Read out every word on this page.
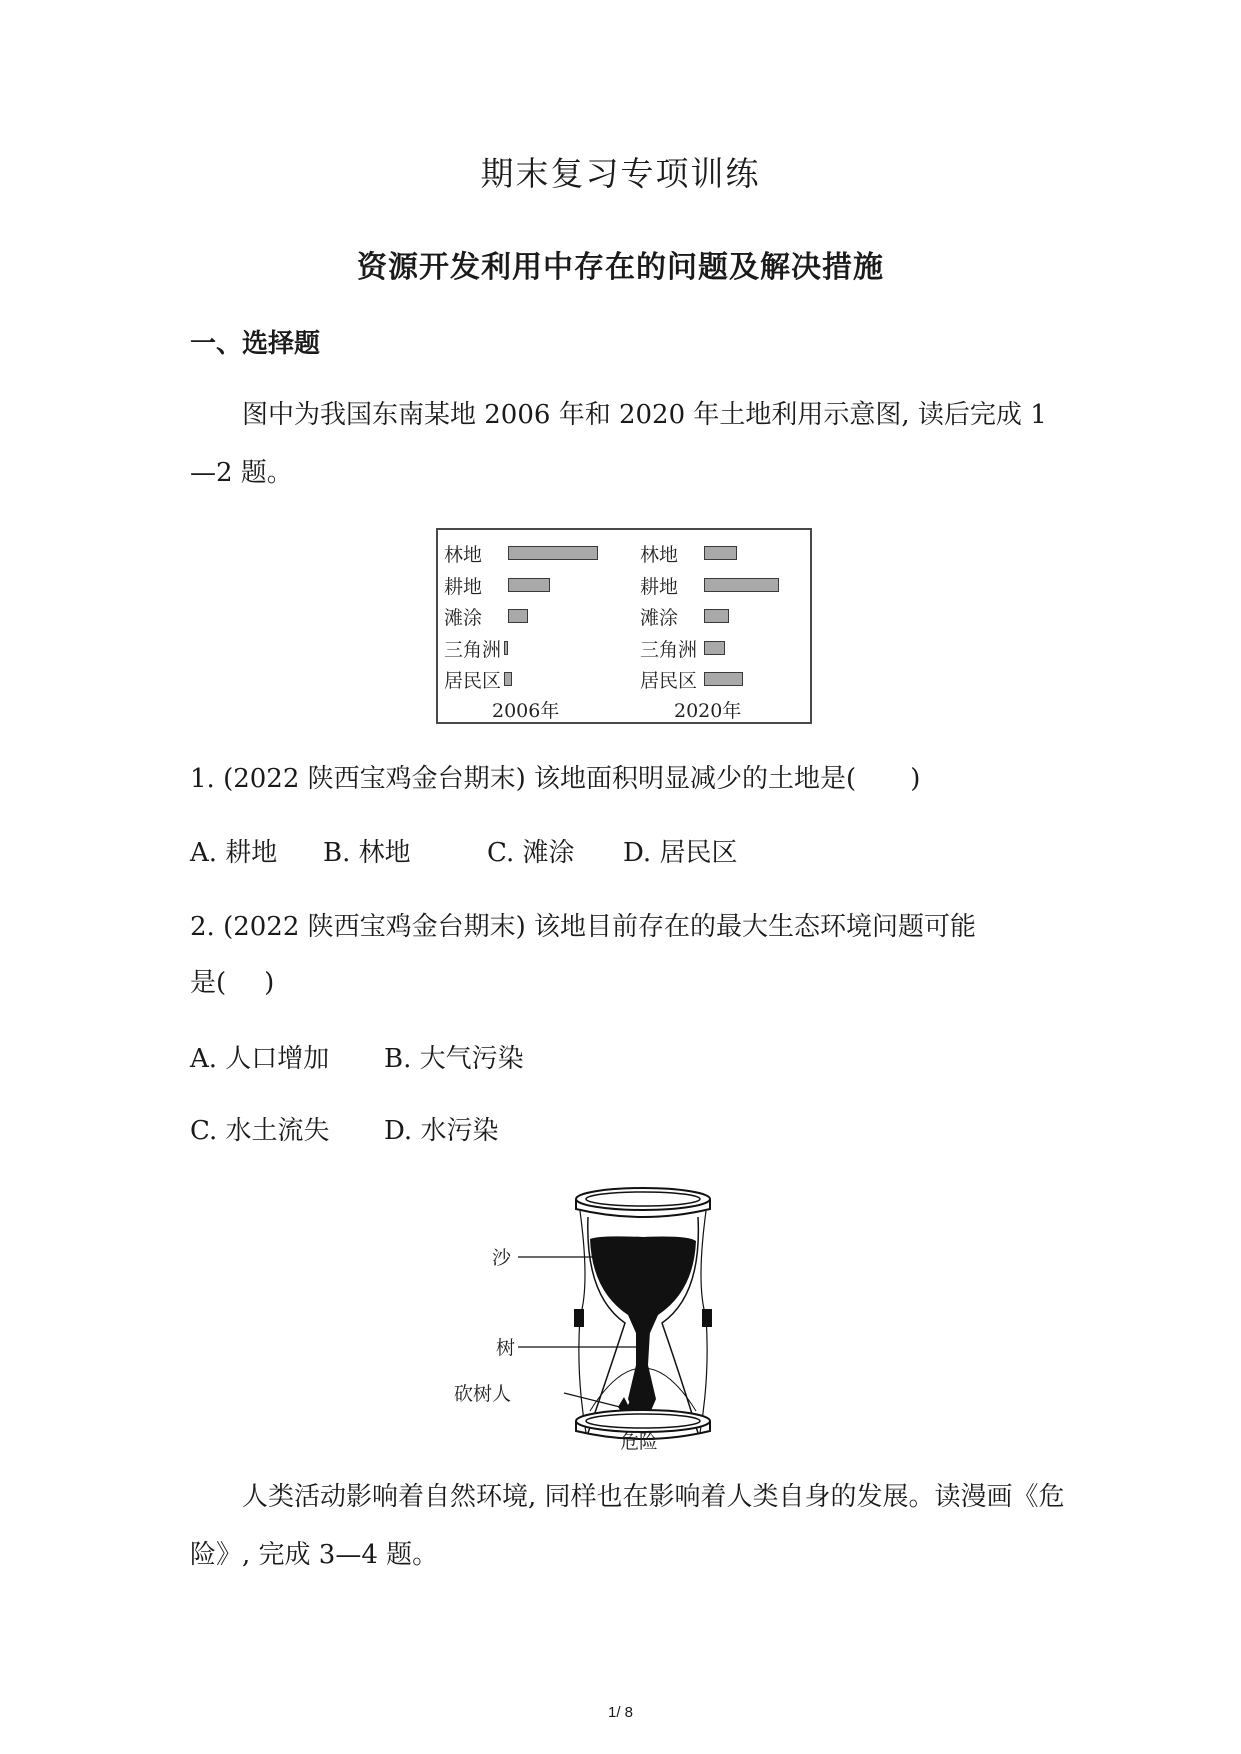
期末复习专项训练
资源开发利用中存在的问题及解决措施
一、选择题
图中为我国东南某地 2006 年和 2020 年土地利用示意图, 读后完成 1—2 题。
林地
耕地
滩涂
三角洲
居民区
林地
耕地
滩涂
三角洲
居民区
2006年	2020年
1. (2022 陕西宝鸡金台期末) 该地面积明显减少的土地是( )
A. 耕地 B. 林地	C. 滩涂 D. 居民区
2. (2022 陕西宝鸡金台期末) 该地目前存在的最大生态环境问题可能
是( )
A. 人口增加 B. 大气污染
C. 水土流失 D. 水污染
沙
树
砍树人
危险
人类活动影响着自然环境, 同样也在影响着人类自身的发展。读漫画《危险》, 完成 3—4 题。
1/ 8
